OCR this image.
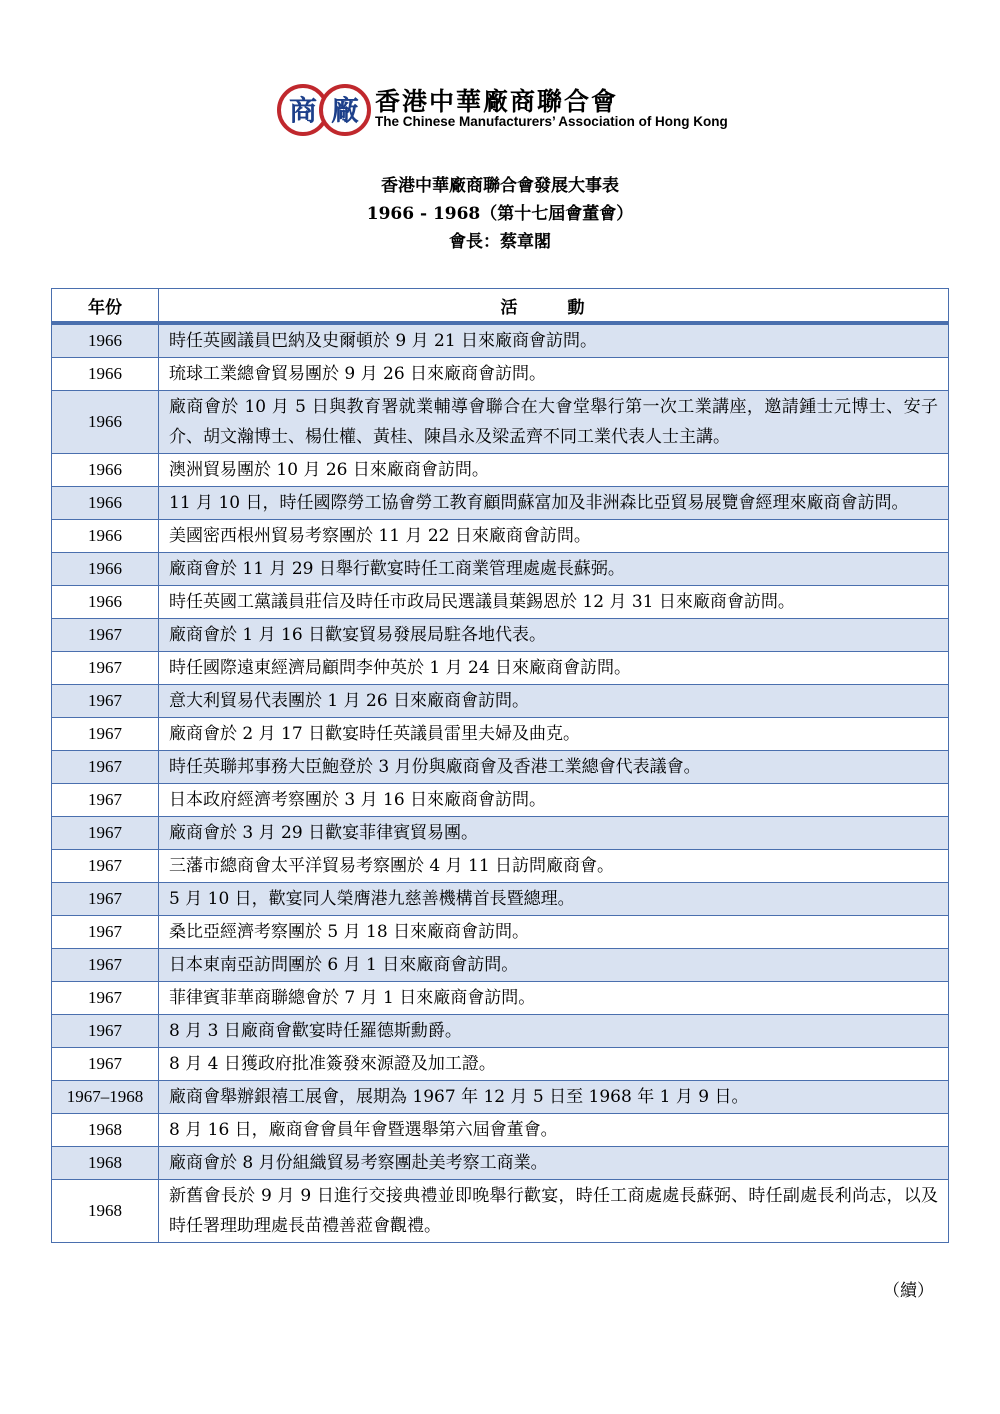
商 廠 香港中華廠商聯合會
The Chinese Manufacturers’ Association of Hong Kong
香港中華廠商聯合會發展大事表
1966 - 1968（第十七屆會董會）
會長：蔡章閣
年份	活 動
1966	時任英國議員巴納及史爾頓於 9 月 21 日來廠商會訪問。
1966	琉球工業總會貿易團於 9 月 26 日來廠商會訪問。
1966	廠商會於 10 月 5 日與教育署就業輔導會聯合在大會堂舉行第一次工業講座，邀請鍾士元博士、安子介、胡文瀚博士、楊仕權、黃桂、陳昌永及梁孟齊不同工業代表人士主講。
1966	澳洲貿易團於 10 月 26 日來廠商會訪問。
1966	11 月 10 日，時任國際勞工協會勞工教育顧問蘇富加及非洲森比亞貿易展覽會經理來廠商會訪問。
1966	美國密西根州貿易考察團於 11 月 22 日來廠商會訪問。
1966	廠商會於 11 月 29 日舉行歡宴時任工商業管理處處長蘇弼。
1966	時任英國工黨議員莊信及時任市政局民選議員葉錫恩於 12 月 31 日來廠商會訪問。
1967	廠商會於 1 月 16 日歡宴貿易發展局駐各地代表。
1967	時任國際遠東經濟局顧問李仲英於 1 月 24 日來廠商會訪問。
1967	意大利貿易代表團於 1 月 26 日來廠商會訪問。
1967	廠商會於 2 月 17 日歡宴時任英議員雷里夫婦及曲克。
1967	時任英聯邦事務大臣鮑登於 3 月份與廠商會及香港工業總會代表議會。
1967	日本政府經濟考察團於 3 月 16 日來廠商會訪問。
1967	廠商會於 3 月 29 日歡宴菲律賓貿易團。
1967	三藩市總商會太平洋貿易考察團於 4 月 11 日訪問廠商會。
1967	5 月 10 日，歡宴同人榮膺港九慈善機構首長暨總理。
1967	桑比亞經濟考察團於 5 月 18 日來廠商會訪問。
1967	日本東南亞訪問團於 6 月 1 日來廠商會訪問。
1967	菲律賓菲華商聯總會於 7 月 1 日來廠商會訪問。
1967	8 月 3 日廠商會歡宴時任羅德斯勳爵。
1967	8 月 4 日獲政府批准簽發來源證及加工證。
1967–1968	廠商會舉辦銀禧工展會，展期為 1967 年 12 月 5 日至 1968 年 1 月 9 日。
1968	8 月 16 日，廠商會會員年會暨選舉第六屆會董會。
1968	廠商會於 8 月份組織貿易考察團赴美考察工商業。
1968	新舊會長於 9 月 9 日進行交接典禮並即晚舉行歡宴，時任工商處處長蘇弼、時任副處長利尚志，以及時任署理助理處長苗禮善蒞會觀禮。
（續）
